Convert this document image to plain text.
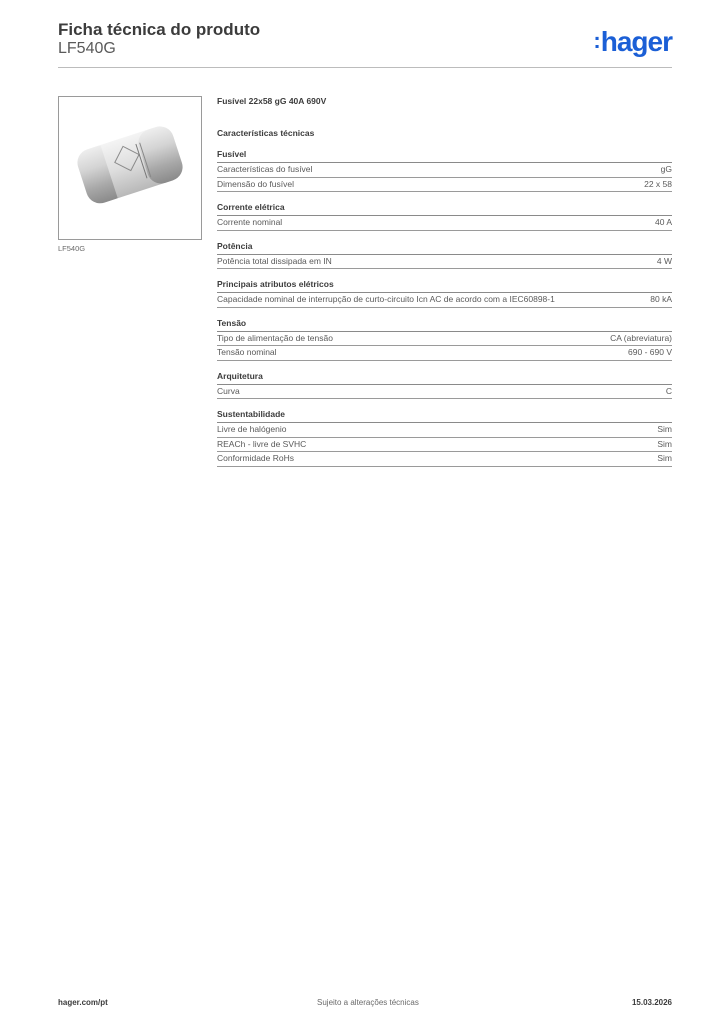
Ficha técnica do produto
LF540G	:hager
LF540G
Fusível 22x58 gG 40A 690V
Características técnicas
Fusível
Características do fusível	gG
Dimensão do fusível	22 x 58
Corrente elétrica
Corrente nominal	40 A
Potência
Potência total dissipada em IN	4 W
Principais atributos elétricos
Capacidade nominal de interrupção de curto-circuito Icn AC de acordo com a IEC60898-1	80 kA
Tensão
Tipo de alimentação de tensão	CA (abreviatura)
Tensão nominal	690 - 690 V
Arquitetura
Curva	C
Sustentabilidade
Livre de halógenio	Sim
REACh - livre de SVHC	Sim
Conformidade RoHs	Sim
hager.com/pt	Sujeito a alterações técnicas	15.03.2026
